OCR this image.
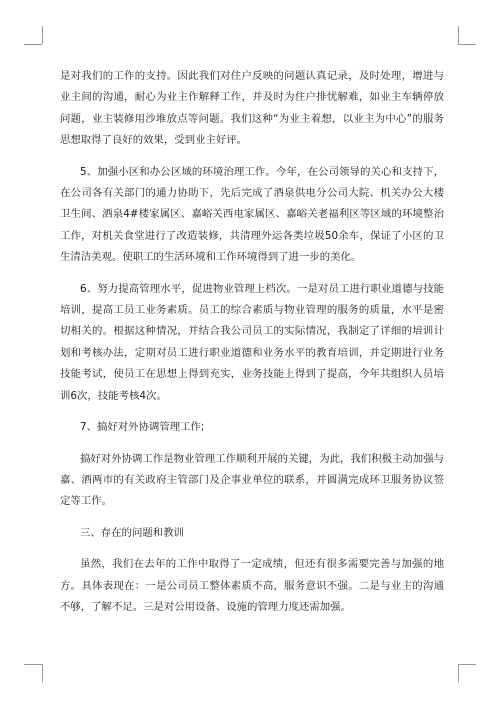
是对我们的工作的支持。因此我们对住户反映的问题认真记录，及时处理，增进与业主间的沟通，耐心为业主作解释工作，并及时为住户排忧解难，如业主车辆停放问题，业主装修用沙堆放点等问题。我们这种“为业主着想，以业主为中心”的服务思想取得了良好的效果，受到业主好评。

5、加强小区和办公区域的环境治理工作。今年，在公司领导的关心和支持下，在公司各有关部门的通力协助下，先后完成了酒泉供电分公司大院、机关办公大楼卫生间、酒泉4#楼家属区、嘉峪关西电家属区、嘉峪关老福利区等区域的环境整治工作，对机关食堂进行了改造装修，共清理外运各类垃圾50余车，保证了小区的卫生清洁美观。使职工的生活环境和工作环境得到了进一步的美化。

6、努力提高管理水平，促进物业管理上档次。一是对员工进行职业道德与技能培训，提高工员工业务素质。员工的综合素质与物业管理的服务的质量，水平是密切相关的。根据这种情况，并结合我公司员工的实际情况，我制定了详细的培训计划和考核办法，定期对员工进行职业道德和业务水平的教育培训，并定期进行业务技能考试，使员工在思想上得到充实，业务技能上得到了提高，今年共组织人员培训6次，技能考核4次。

7、搞好对外协调管理工作;

搞好对外协调工作是物业管理工作顺利开展的关键，为此，我们积极主动加强与嘉、酒两市的有关政府主管部门及企事业单位的联系，并圆满完成环卫服务协议签定等工作。

三、存在的问题和教训

虽然，我们在去年的工作中取得了一定成绩，但还有很多需要完善与加强的地方。具体表现在：一是公司员工整体素质不高，服务意识不强。二是与业主的沟通不够，了解不足。三是对公用设备、设施的管理力度还需加强。
